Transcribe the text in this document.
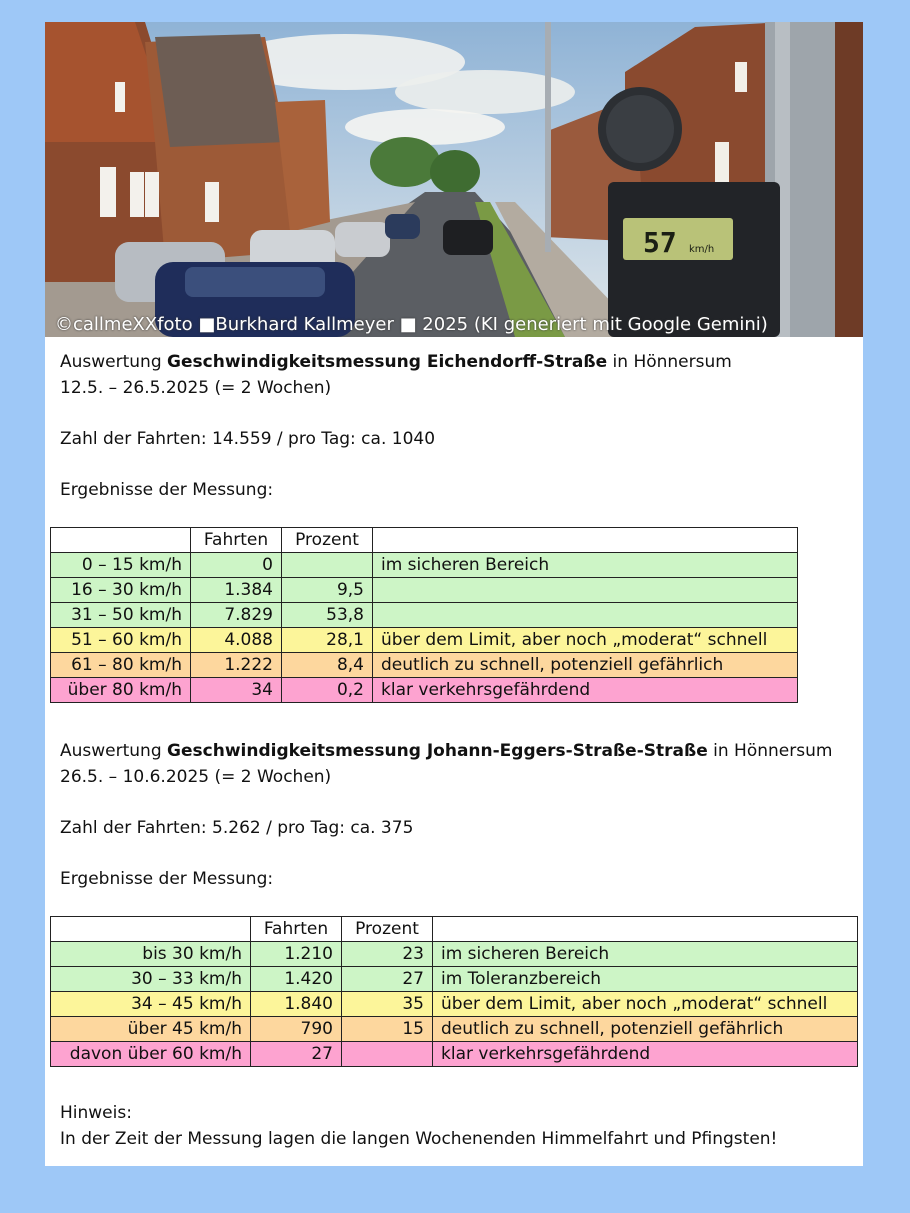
57 km/h
©callmeXXfoto ■Burkhard Kallmeyer ■ 2025 (KI generiert mit Google Gemini)
Auswertung Geschwindigkeitsmessung Eichendorff-Straße in Hönnersum
12.5. – 26.5.2025 (= 2 Wochen)
Zahl der Fahrten: 14.559 / pro Tag: ca. 1040
Ergebnisse der Messung:
	Fahrten	Prozent	
0 – 15 km/h	0		im sicheren Bereich
16 – 30 km/h	1.384	9,5	
31 – 50 km/h	7.829	53,8	
51 – 60 km/h	4.088	28,1	über dem Limit, aber noch „moderat“ schnell
61 – 80 km/h	1.222	8,4	deutlich zu schnell, potenziell gefährlich
über 80 km/h	34	0,2	klar verkehrsgefährdend
Auswertung Geschwindigkeitsmessung Johann-Eggers-Straße-Straße in Hönnersum
26.5. – 10.6.2025 (= 2 Wochen)
Zahl der Fahrten: 5.262 / pro Tag: ca. 375
Ergebnisse der Messung:
	Fahrten	Prozent	
bis 30 km/h	1.210	23	im sicheren Bereich
30 – 33 km/h	1.420	27	im Toleranzbereich
34 – 45 km/h	1.840	35	über dem Limit, aber noch „moderat“ schnell
über 45 km/h	790	15	deutlich zu schnell, potenziell gefährlich
davon über 60 km/h	27		klar verkehrsgefährdend
Hinweis:
In der Zeit der Messung lagen die langen Wochenenden Himmelfahrt und Pfingsten!
